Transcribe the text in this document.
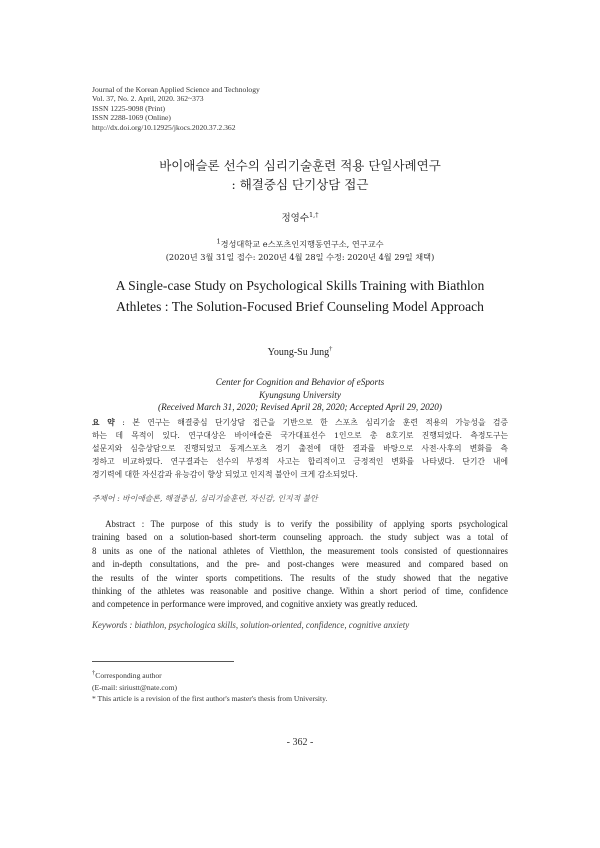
Journal of the Korean Applied Science and Technology
Vol. 37, No. 2. April, 2020. 362~373
ISSN 1225-9098 (Print)
ISSN 2288-1069 (Online)
http://dx.doi.org/10.12925/jkocs.2020.37.2.362
바이애슬론 선수의 심리기술훈련 적용 단일사례연구
: 해결중심 단기상담 접근
정영수$^{1,\dagger}$
$^1$경성대학교 e스포츠인지행동연구소, 연구교수
(2020년 3월 31일 접수: 2020년 4월 28일 수정: 2020년 4월 29일 채택)
A Single-case Study on Psychological Skills Training with Biathlon
Athletes : The Solution-Focused Brief Counseling Model Approach
Young-Su Jung†
Center for Cognition and Behavior of eSports
Kyungsung University
(Received March 31, 2020; Revised April 28, 2020; Accepted April 29, 2020)
요 약 : 본 연구는 해결중심 단기상담 접근을 기반으로 한 스포츠 심리기술 훈련 적용의 가능성을 검증
하는 데 목적이 있다. 연구대상은 바이애슬론 국가대표선수 1인으로 총 8호기로 진행되었다. 측정도구는
설문지와 심층상담으로 진행되었고 동계스포츠 경기 출전에 대한 결과를 바탕으로 사전·사후의 변화를 측
정하고 비교하였다. 연구결과는 선수의 부정적 사고는 합리적이고 긍정적인 변화를 나타냈다. 단기간 내에
경기력에 대한 자신감과 유능감이 향상 되었고 인지적 불안이 크게 감소되었다.
주제어 : 바이애슬론, 해결중심, 심리기술훈련, 자신감, 인지적 불안
Abstract : The purpose of this study is to verify the possibility of applying sports psychological
training based on a solution-based short-term counseling approach. the study subject was a total of
8 units as one of the national athletes of Vietthlon, the measurement tools consisted of questionnaires
and in-depth consultations, and the pre- and post-changes were measured and compared based on
the results of the winter sports competitions. The results of the study showed that the negative
thinking of the athletes was reasonable and positive change. Within a short period of time, confidence
and competence in performance were improved, and cognitive anxiety was greatly reduced.
Keywords : biathlon, psychologica skills, solution-oriented, confidence, cognitive anxiety
†Corresponding author
(E-mail: siriustt@nate.com)
* This article is a revision of the first author's master's thesis from University.
- 362 -
